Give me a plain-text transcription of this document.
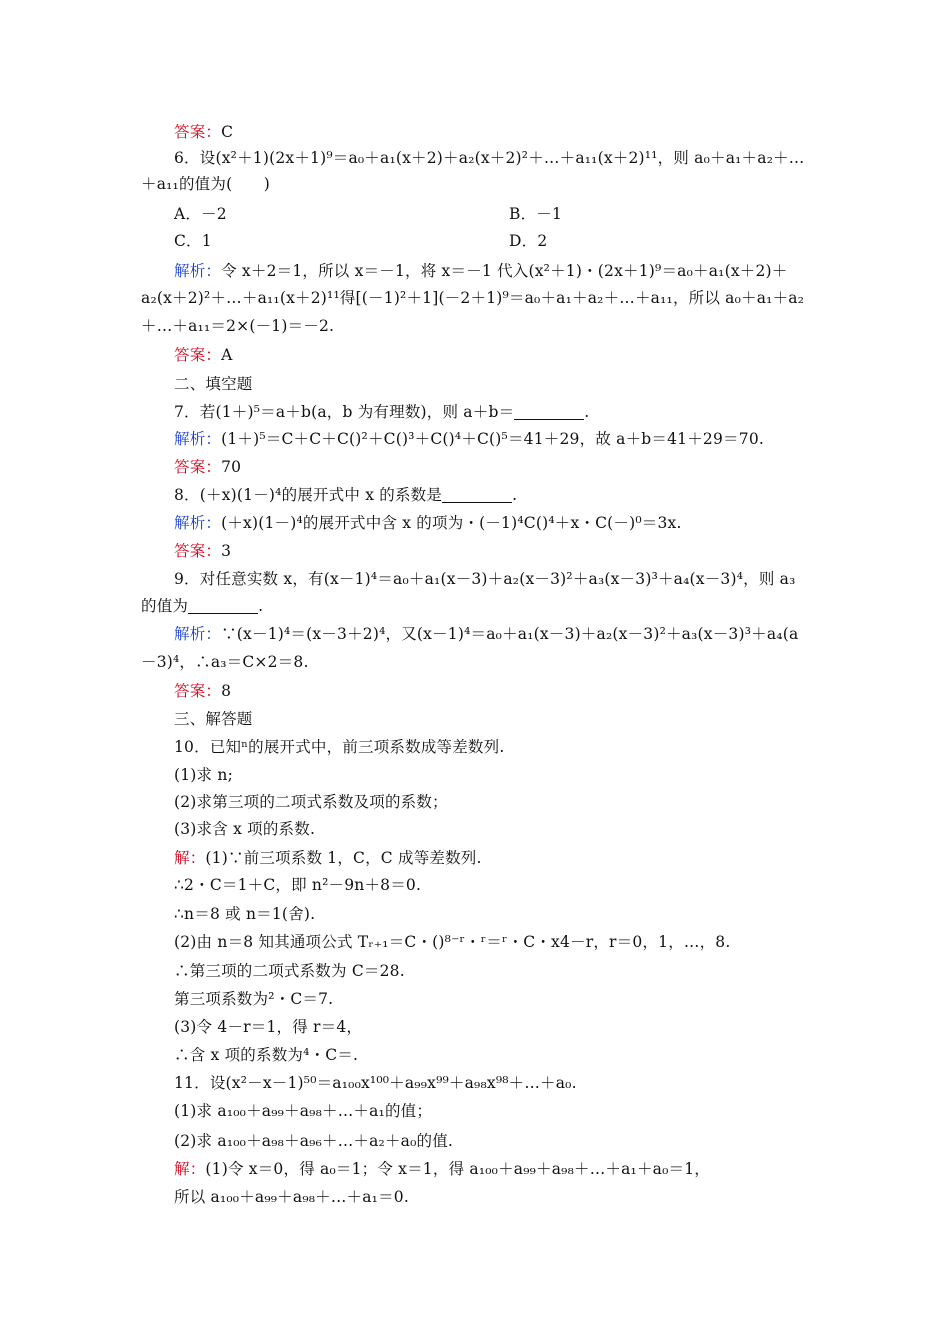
答案：C
6．设(x²＋1)(2x＋1)⁹＝a₀＋a₁(x＋2)＋a₂(x＋2)²＋…＋a₁₁(x＋2)¹¹，则 a₀＋a₁＋a₂＋…
＋a₁₁的值为(　　)
A．－2	B．－1
C．1	D．2
解析：令 x＋2＝1，所以 x＝－1，将 x＝－1 代入(x²＋1)・(2x＋1)⁹＝a₀＋a₁(x＋2)＋
a₂(x＋2)²＋…＋a₁₁(x＋2)¹¹得[(－1)²＋1](－2＋1)⁹＝a₀＋a₁＋a₂＋…＋a₁₁，所以 a₀＋a₁＋a₂
＋…＋a₁₁＝2×(－1)＝－2.
答案：A
二、填空题
7．若(1＋)⁵＝a＋b(a，b 为有理数)，则 a＋b＝	.
解析：(1＋)⁵＝C＋C＋C()²＋C()³＋C()⁴＋C()⁵＝41＋29，故 a＋b＝41＋29＝70.
答案：70
8．(＋x)(1－)⁴的展开式中 x 的系数是	.
解析：(＋x)(1－)⁴的展开式中含 x 的项为・(－1)⁴C()⁴＋x・C(－)⁰＝3x.
答案：3
9．对任意实数 x，有(x－1)⁴＝a₀＋a₁(x－3)＋a₂(x－3)²＋a₃(x－3)³＋a₄(x－3)⁴，则 a₃
的值为	.
解析：∵(x－1)⁴＝(x－3＋2)⁴，又(x－1)⁴＝a₀＋a₁(x－3)＋a₂(x－3)²＋a₃(x－3)³＋a₄(a
－3)⁴，∴a₃＝C×2＝8.
答案：8
三、解答题
10．已知ⁿ的展开式中，前三项系数成等差数列.
(1)求 n;
(2)求第三项的二项式系数及项的系数；
(3)求含 x 项的系数.
解：(1)∵前三项系数 1，C，C 成等差数列.
∴2・C＝1＋C，即 n²－9n＋8＝0.
∴n＝8 或 n＝1(舍).
(2)由 n＝8 知其通项公式 Tᵣ₊₁＝C・()⁸⁻ʳ・ʳ＝ʳ・C・x4－r，r＝0，1，…，8.
∴第三项的二项式系数为 C＝28.
第三项系数为²・C＝7.
(3)令 4－r＝1，得 r＝4，
∴含 x 项的系数为⁴・C＝.
11．设(x²－x－1)⁵⁰＝a₁₀₀x¹⁰⁰＋a₉₉x⁹⁹＋a₉₈x⁹⁸＋…＋a₀.
(1)求 a₁₀₀＋a₉₉＋a₉₈＋…＋a₁的值；
(2)求 a₁₀₀＋a₉₈＋a₉₆＋…＋a₂＋a₀的值.
解：(1)令 x＝0，得 a₀＝1；令 x＝1，得 a₁₀₀＋a₉₉＋a₉₈＋…＋a₁＋a₀＝1，
所以 a₁₀₀＋a₉₉＋a₉₈＋…＋a₁＝0.
